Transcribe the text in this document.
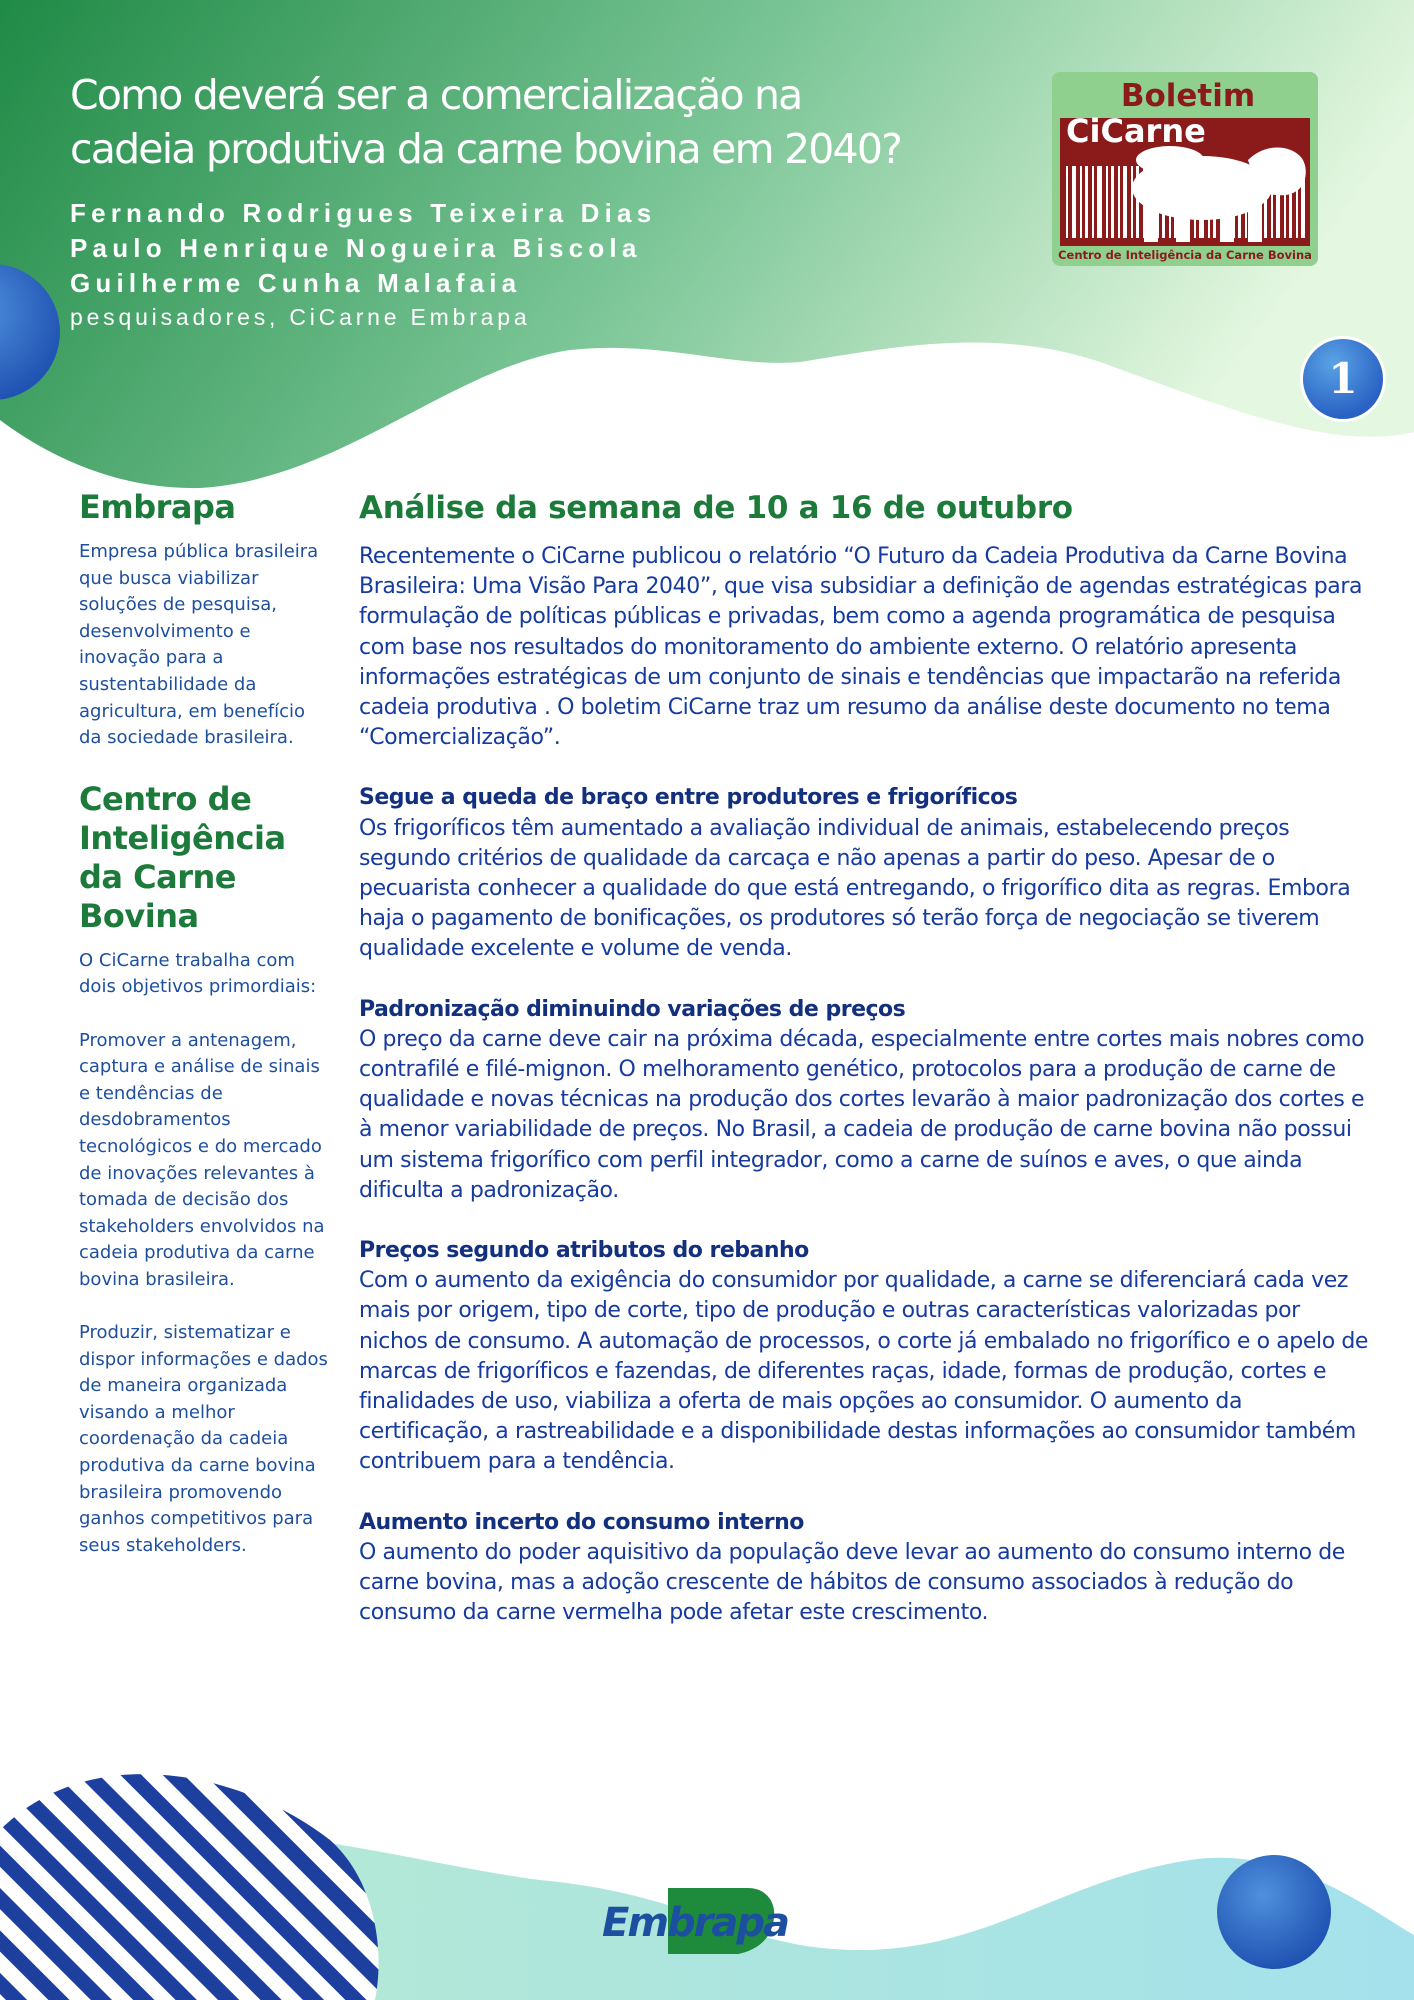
Como deverá ser a comercialização na
cadeia produtiva da carne bovina em 2040?
Fernando Rodrigues Teixeira Dias
Paulo Henrique Nogueira Biscola
Guilherme Cunha Malafaia
pesquisadores, CiCarne Embrapa
Boletim
CiCarne
Centro de Inteligência da Carne Bovina
1
Embrapa

Empresa pública brasileira que busca viabilizar soluções de pesquisa, desenvolvimento e inovação para a sustentabilidade da agricultura, em benefício da sociedade brasileira.

Centro de Inteligência da Carne Bovina

O CiCarne trabalha com dois objetivos primordiais:

Promover a antenagem, captura e análise de sinais e tendências de desdobramentos tecnológicos e do mercado de inovações relevantes à tomada de decisão dos stakeholders envolvidos na cadeia produtiva da carne bovina brasileira.

Produzir, sistematizar e dispor informações e dados de maneira organizada visando a melhor coordenação da cadeia produtiva da carne bovina brasileira promovendo ganhos competitivos para seus stakeholders.

Análise da semana de 10 a 16 de outubro

Recentemente o CiCarne publicou o relatório “O Futuro da Cadeia Produtiva da Carne Bovina Brasileira: Uma Visão Para 2040”, que visa subsidiar a definição de agendas estratégicas para formulação de políticas públicas e privadas, bem como a agenda programática de pesquisa com base nos resultados do monitoramento do ambiente externo. O relatório apresenta informações estratégicas de um conjunto de sinais e tendências que impactarão na referida cadeia produtiva . O boletim CiCarne traz um resumo da análise deste documento no tema “Comercialização”.

Segue a queda de braço entre produtores e frigoríficos

Os frigoríficos têm aumentado a avaliação individual de animais, estabelecendo preços segundo critérios de qualidade da carcaça e não apenas a partir do peso. Apesar de o pecuarista conhecer a qualidade do que está entregando, o frigorífico dita as regras. Embora haja o pagamento de bonificações, os produtores só terão força de negociação se tiverem qualidade excelente e volume de venda.

Padronização diminuindo variações de preços

O preço da carne deve cair na próxima década, especialmente entre cortes mais nobres como contrafilé e filé-mignon. O melhoramento genético, protocolos para a produção de carne de qualidade e novas técnicas na produção dos cortes levarão à maior padronização dos cortes e à menor variabilidade de preços. No Brasil, a cadeia de produção de carne bovina não possui um sistema frigorífico com perfil integrador, como a carne de suínos e aves, o que ainda dificulta a padronização.

Preços segundo atributos do rebanho

Com o aumento da exigência do consumidor por qualidade, a carne se diferenciará cada vez mais por origem, tipo de corte, tipo de produção e outras características valorizadas por nichos de consumo. A automação de processos, o corte já embalado no frigorífico e o apelo de marcas de frigoríficos e fazendas, de diferentes raças, idade, formas de produção, cortes e finalidades de uso, viabiliza a oferta de mais opções ao consumidor. O aumento da certificação, a rastreabilidade e a disponibilidade destas informações ao consumidor também contribuem para a tendência.

Aumento incerto do consumo interno

O aumento do poder aquisitivo da população deve levar ao aumento do consumo interno de carne bovina, mas a adoção crescente de hábitos de consumo associados à redução do consumo da carne vermelha pode afetar este crescimento.

Embrapa
